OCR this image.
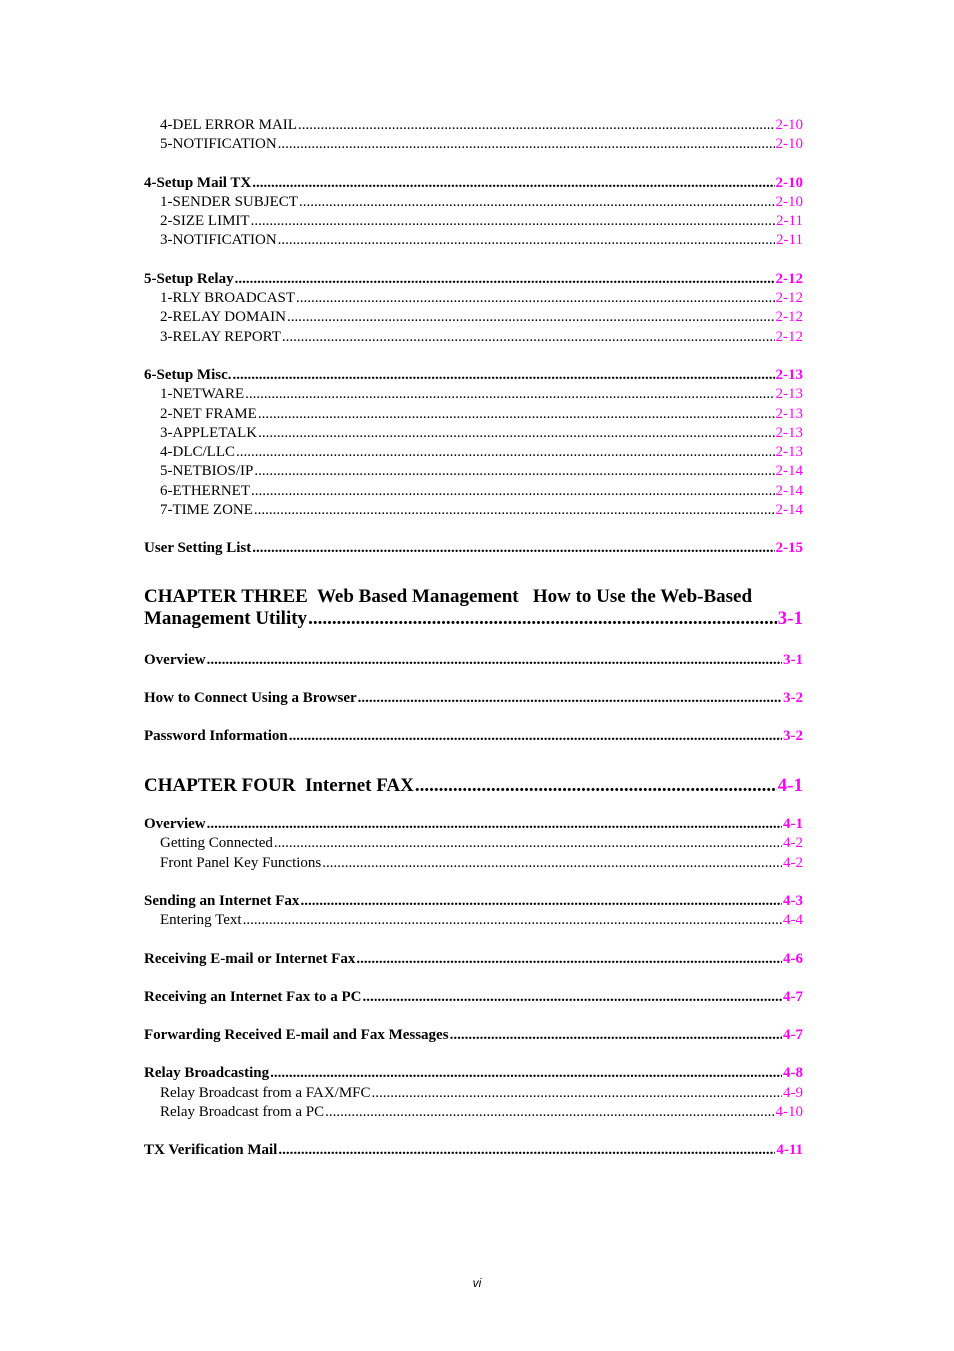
4-DEL ERROR MAIL .....	2-10
5-NOTIFICATION .....	2-10
4-Setup Mail TX .....	2-10
1-SENDER SUBJECT .....	2-10
2-SIZE LIMIT .....	2-11
3-NOTIFICATION .....	2-11
5-Setup Relay .....	2-12
1-RLY BROADCAST .....	2-12
2-RELAY DOMAIN .....	2-12
3-RELAY REPORT .....	2-12
6-Setup Misc. .....	2-13
1-NETWARE .....	2-13
2-NET FRAME .....	2-13
3-APPLETALK .....	2-13
4-DLC/LLC .....	2-13
5-NETBIOS/IP .....	2-14
6-ETHERNET .....	2-14
7-TIME ZONE .....	2-14
User Setting List .....	2-15
CHAPTER THREE  Web Based Management   How to Use the Web-Based
Management Utility .....	3-1
Overview .....	3-1
How to Connect Using a Browser .....	3-2
Password Information .....	3-2
CHAPTER FOUR  Internet FAX .....	4-1
Overview .....	4-1
Getting Connected .....	4-2
Front Panel Key Functions .....	4-2
Sending an Internet Fax .....	4-3
Entering Text .....	4-4
Receiving E-mail or Internet Fax .....	4-6
Receiving an Internet Fax to a PC .....	4-7
Forwarding Received E-mail and Fax Messages .....	4-7
Relay Broadcasting .....	4-8
Relay Broadcast from a FAX/MFC .....	4-9
Relay Broadcast from a PC .....	4-10
TX Verification Mail .....	4-11
vi
